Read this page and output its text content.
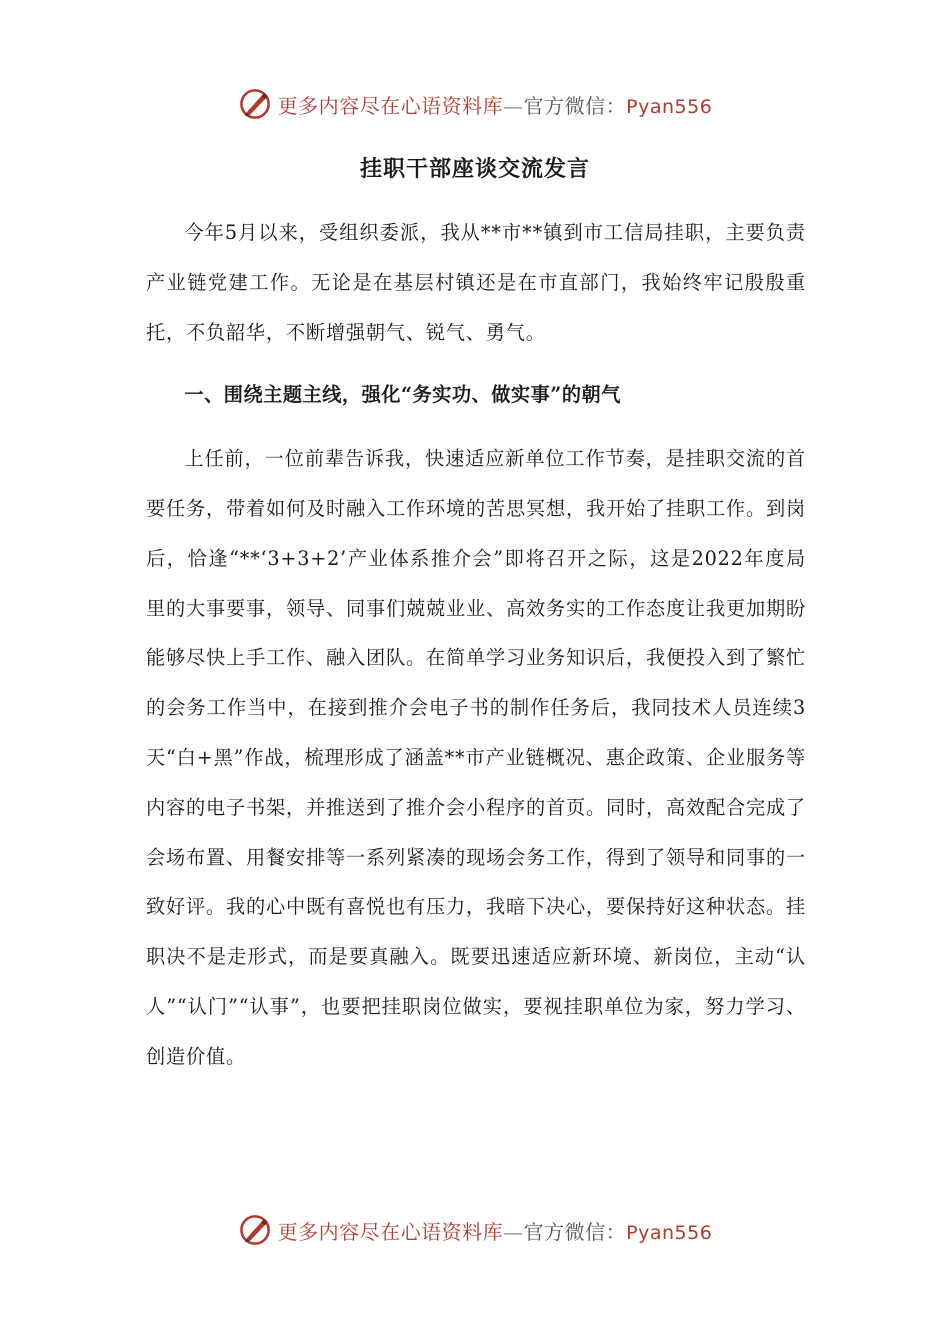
更多内容尽在心语资料库—官方微信：Pyan556
挂职干部座谈交流发言

今年5月以来，受组织委派，我从**市**镇到市工信局挂职，主要负责产业链党建工作。无论是在基层村镇还是在市直部门，我始终牢记殷殷重托，不负韶华，不断增强朝气、锐气、勇气。

一、围绕主题主线，强化“务实功、做实事”的朝气

上任前，一位前辈告诉我，快速适应新单位工作节奏，是挂职交流的首要任务，带着如何及时融入工作环境的苦思冥想，我开始了挂职工作。到岗后，恰逢“**‘3+3+2’产业体系推介会”即将召开之际，这是2022年度局里的大事要事，领导、同事们兢兢业业、高效务实的工作态度让我更加期盼能够尽快上手工作、融入团队。在简单学习业务知识后，我便投入到了繁忙的会务工作当中，在接到推介会电子书的制作任务后，我同技术人员连续3天“白+黑”作战，梳理形成了涵盖**市产业链概况、惠企政策、企业服务等内容的电子书架，并推送到了推介会小程序的首页。同时，高效配合完成了会场布置、用餐安排等一系列紧凑的现场会务工作，得到了领导和同事的一致好评。我的心中既有喜悦也有压力，我暗下决心，要保持好这种状态。挂职决不是走形式，而是要真融入。既要迅速适应新环境、新岗位，主动“认人”“认门”“认事”，也要把挂职岗位做实，要视挂职单位为家，努力学习、创造价值。

更多内容尽在心语资料库—官方微信：Pyan556
